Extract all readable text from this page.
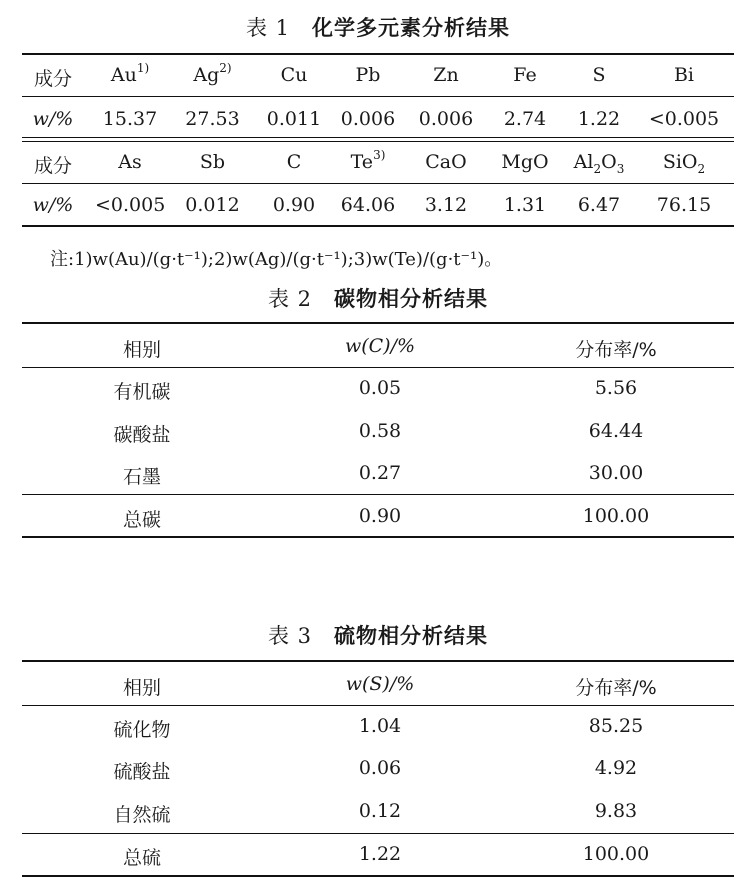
表 1 化学多元素分析结果
成分	Au$^{1)}$	Ag$^{2)}$	Cu	Pb	Zn	Fe	S	Bi
w/%	15.37	27.53	0.011	0.006	0.006	2.74	1.22	<0.005
成分	As	Sb	C	Te$^{3)}$	CaO	MgO	$Al_2O_3$	SiO$_2$
w/%	<0.005	0.012	0.90	64.06	3.12	1.31	6.47	76.15
注:1)w(Au)/(g·t⁻¹);2)w(Ag)/(g·t⁻¹);3)w(Te)/(g·t⁻¹)。
表 2 碳物相分析结果
相别	w(C)/%	分布率/%
有机碳	0.05	5.56
碳酸盐	0.58	64.44
石墨	0.27	30.00
总碳	0.90	100.00
表 3 硫物相分析结果
相别	w(S)/%	分布率/%
硫化物	1.04	85.25
硫酸盐	0.06	4.92
自然硫	0.12	9.83
总硫	1.22	100.00
